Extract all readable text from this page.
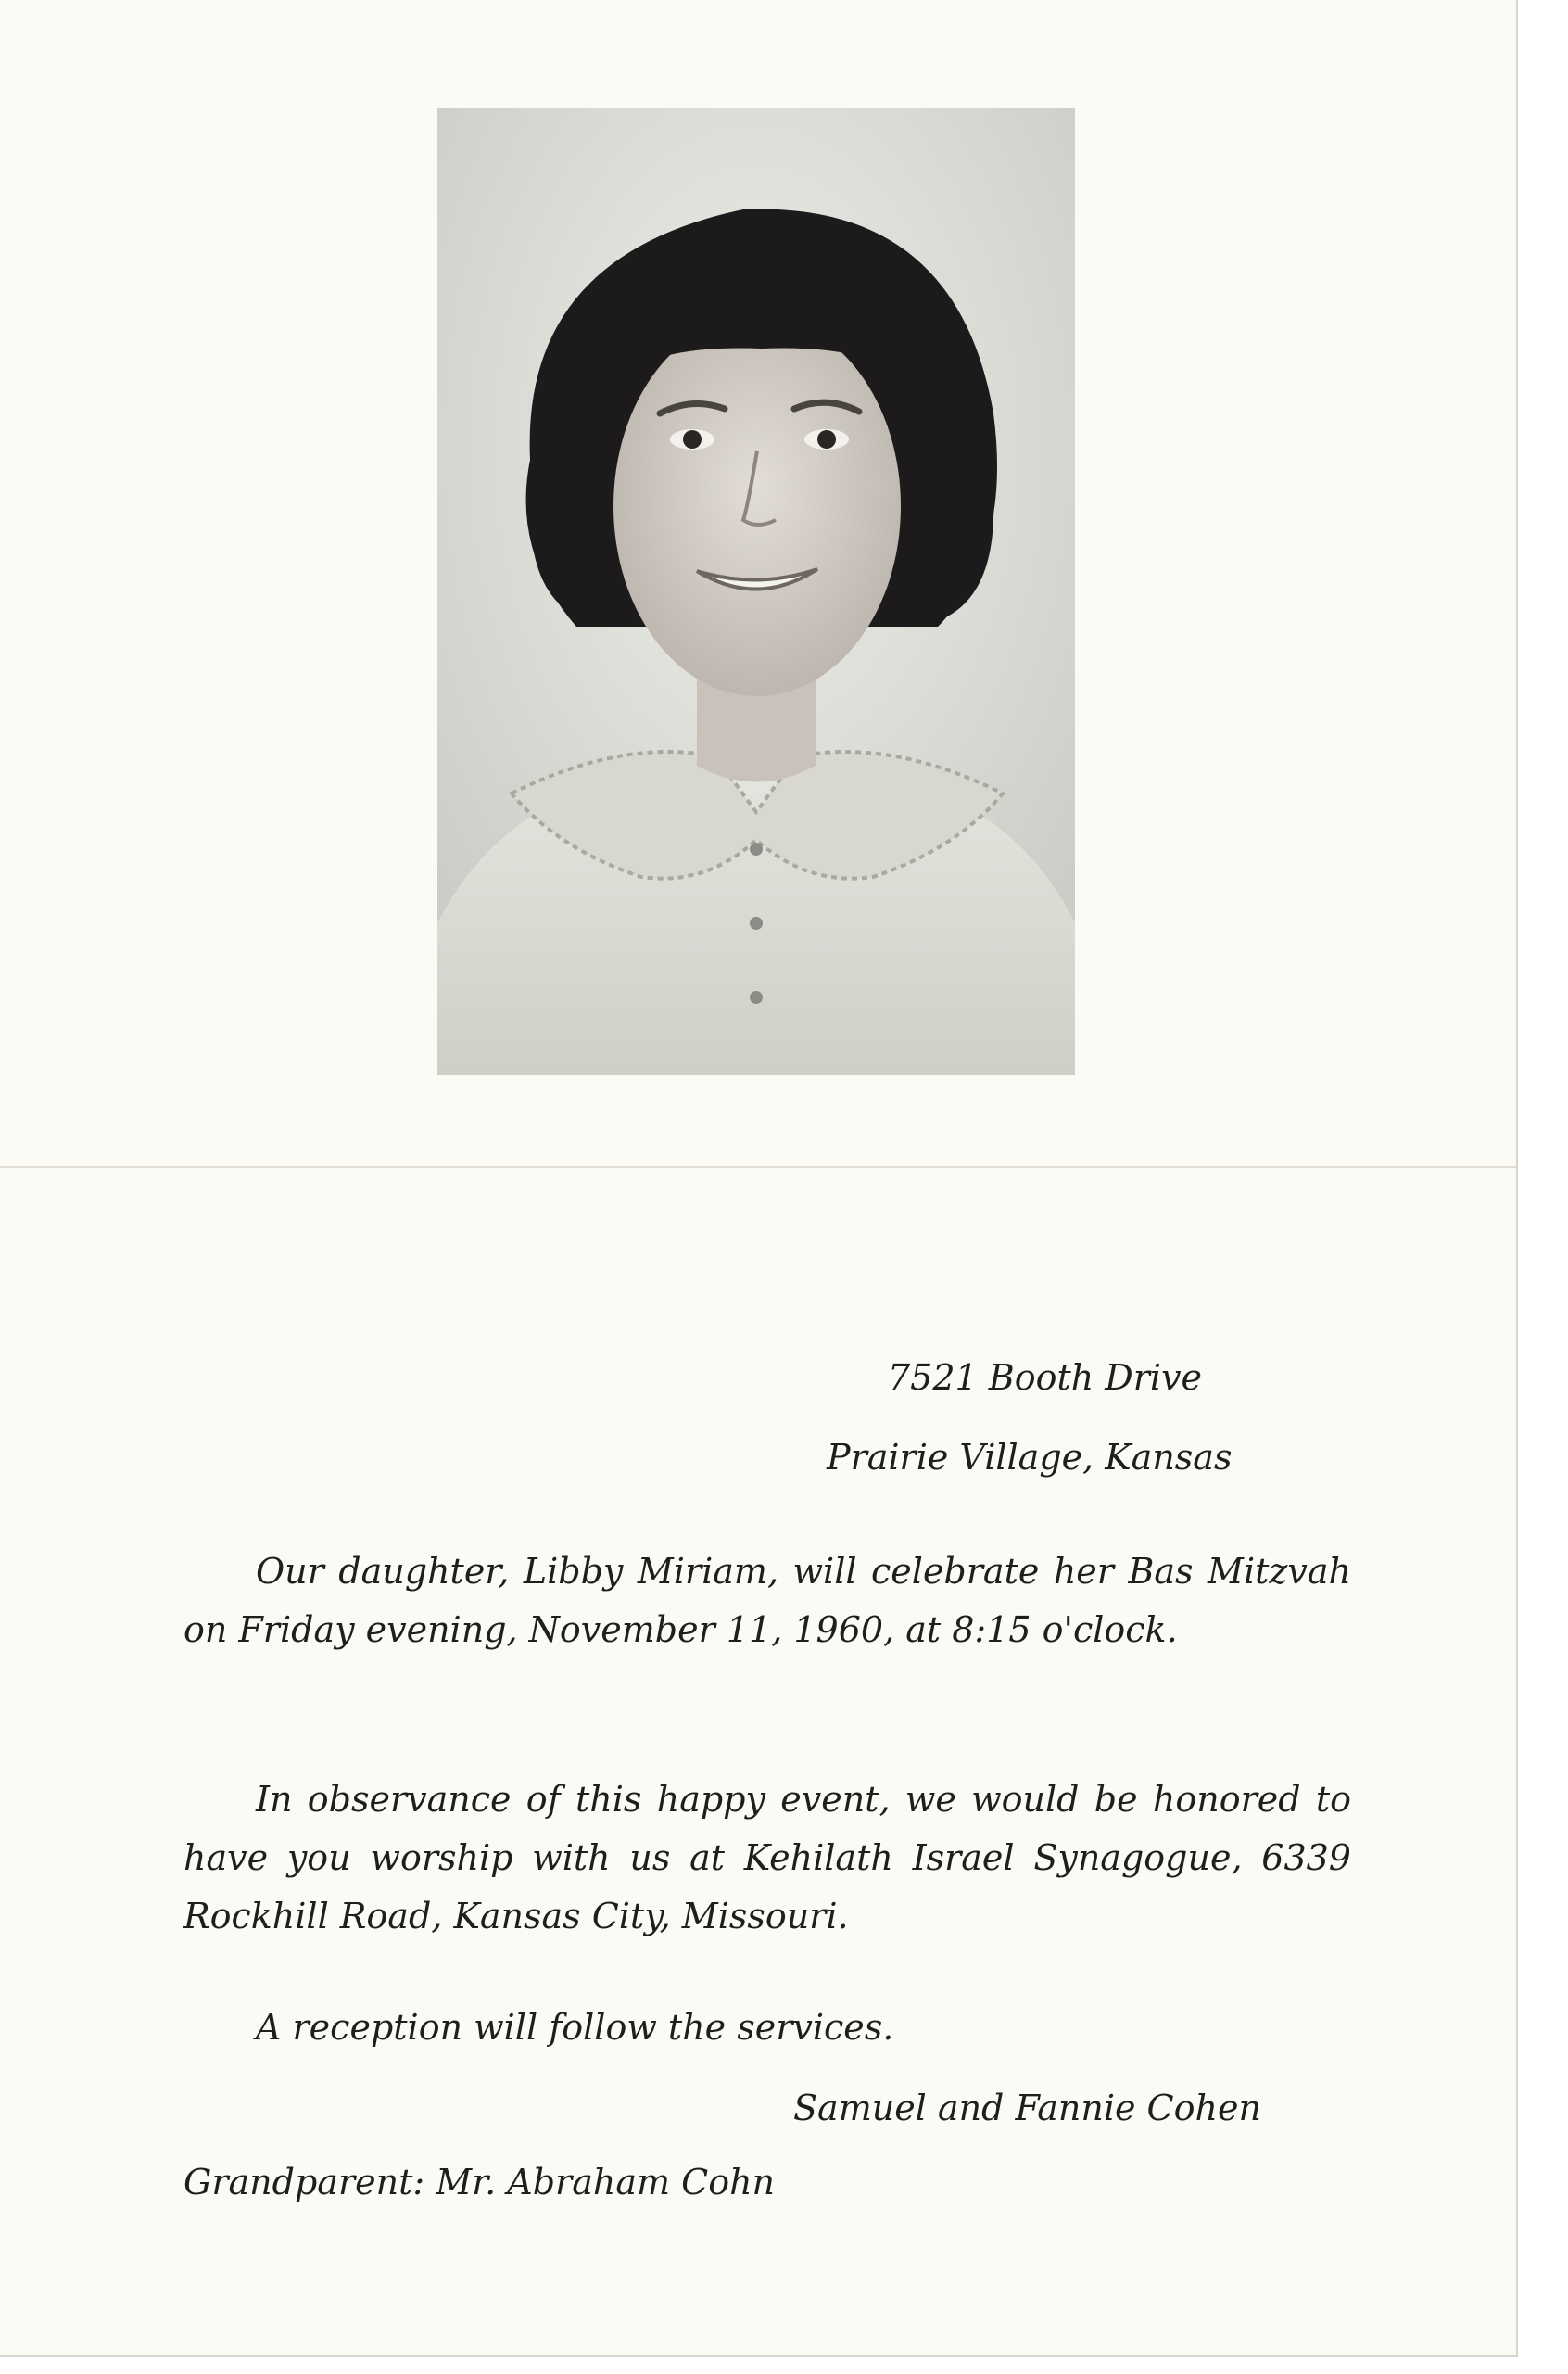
7521 Booth Drive
Prairie Village, Kansas

Our daughter, Libby Miriam, will celebrate her Bas Mitzvah on Friday evening, November 11, 1960, at 8:15 o'clock.

In observance of this happy event, we would be honored to have you worship with us at Kehilath Israel Synagogue, 6339 Rockhill Road, Kansas City, Missouri.

A reception will follow the services.

Samuel and Fannie Cohen
Grandparent: Mr. Abraham Cohn
